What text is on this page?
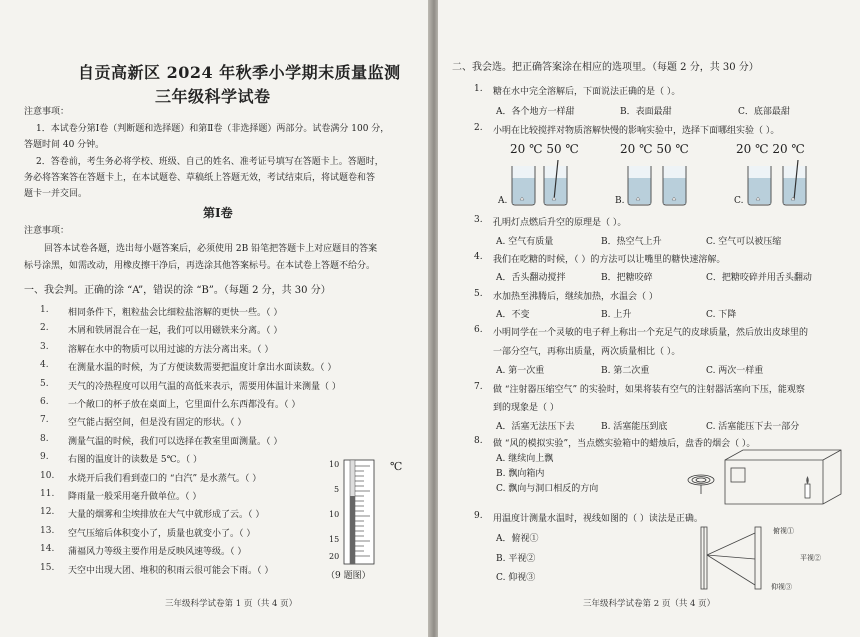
自贡高新区 2024 年秋季小学期末质量监测
三年级科学试卷
注意事项：
1．本试卷分第Ⅰ卷（判断题和选择题）和第Ⅱ卷（非选择题）两部分。试卷满分 100 分，
答题时间 40 分钟。
2．答卷前，考生务必将学校、班级、自己的姓名、准考证号填写在答题卡上。答题时，
务必将答案答在答题卡上，在本试题卷、草稿纸上答题无效，考试结束后，将试题卷和答
题卡一并交回。
第Ⅰ卷
注意事项：
回答本试卷各题，选出每小题答案后，必须使用 2B 铅笔把答题卡上对应题目的答案
标号涂黑，如需改动，用橡皮擦干净后，再选涂其他答案标号。在本试卷上答题不给分。
一、我会判。正确的涂 “A”，错误的涂 “B”。（每题 2 分，共 30 分）
1. 相同条件下，粗粒盐会比细粒盐溶解的更快一些。（ ）
2. 木屑和铁屑混合在一起，我们可以用磁铁来分离。（ ）
3. 溶解在水中的物质可以用过滤的方法分离出来。（ ）
4. 在测量水温的时候，为了方便读数需要把温度计拿出水面读数。（ ）
5. 天气的冷热程度可以用气温的高低来表示，需要用体温计来测量（ ）
6. 一个敞口的杯子放在桌面上，它里面什么东西都没有。（ ）
7. 空气能占据空间，但是没有固定的形状。（ ）
8. 测量气温的时候，我们可以选择在教室里面测量。（ ）
9. 右图的温度计的读数是 5℃。（ ）
10. 水烧开后我们看到壶口的 “白汽” 是水蒸气。（ ）
11. 降雨量一般采用毫升做单位。（ ）
12. 大量的烟雾和尘埃排放在大气中就形成了云。（ ）
13. 空气压缩后体积变小了，质量也就变小了。（ ）
14. 蒲福风力等级主要作用是反映风速等级。（ ）
15. 天空中出现大团、堆积的积雨云很可能会下雨。（ ）
10
5
10
15
20
℃
（9 题图）
三年级科学试卷第 1 页（共 4 页）
二、我会选。把正确答案涂在相应的选项里。（每题 2 分，共 30 分）
1. 糖在水中完全溶解后，下面说法正确的是（ ）。
A．各个地方一样甜	B．表面最甜	C．底部最甜
2. 小明在比较搅拌对物质溶解快慢的影响实验中，选择下面哪组实验（ ）。
20 ℃ 50 ℃	20 ℃ 50 ℃	20 ℃ 20 ℃
A.	B.	C.
3. 孔明灯点燃后升空的原理是（ ）。
A. 空气有质量	B．热空气上升	C. 空气可以被压缩
4. 我们在吃糖的时候，（ ）的方法可以让嘴里的糖快速溶解。
A．舌头翻动搅拌	B．把糖咬碎	C．把糖咬碎并用舌头翻动
5. 水加热至沸腾后，继续加热，水温会（ ）
A．不变	B. 上升	C. 下降
6. 小明同学在一个灵敏的电子秤上称出一个充足气的皮球质量，然后放出皮球里的
一部分空气，再称出质量，两次质量相比（ ）。
A. 第一次重	B. 第二次重	C. 两次一样重
7. 做 “注射器压缩空气” 的实验时，如果将装有空气的注射器活塞向下压，能观察
到的现象是（ ）
A．活塞无法压下去	B. 活塞能压到底	C. 活塞能压下去一部分
8. 做 “风的模拟实验”，当点燃实验箱中的蜡烛后，盘香的烟会（ ）。
A. 继续向上飘
B. 飘向箱内
C. 飘向与洞口相反的方向
9. 用温度计测量水温时，视线如图的（ ）读法是正确。
A．俯视①
B. 平视②
C. 仰视③
俯视①
平视②
仰视③
三年级科学试卷第 2 页（共 4 页）
